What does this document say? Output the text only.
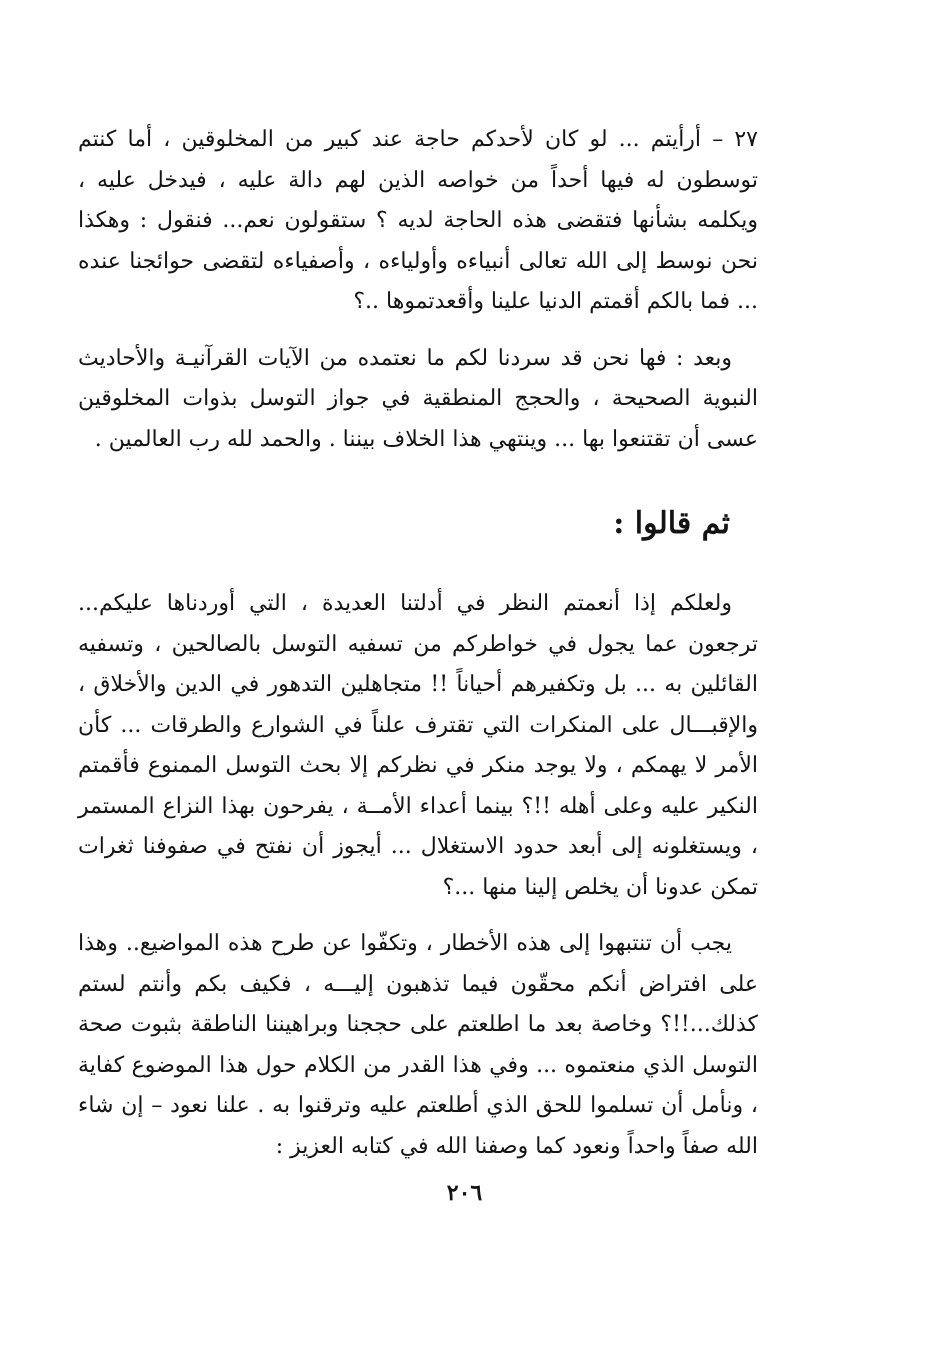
٢٧ – أرأيتم ... لو كان لأحدكم حاجة عند كبير من المخلوقين ، أما كنتم توسطون له فيها أحداً من خواصه الذين لهم دالة عليه ، فيدخل عليه ، ويكلمه بشأنها فتقضى هذه الحاجة لديه ؟ ستقولون نعم... فنقول : وهكذا نحن نوسط إلى الله تعالى أنبياءه وأولياءه ، وأصفياءه لتقضى حوائجنا عنده ... فما بالكم أقمتم الدنيا علينا وأقعدتموها ..؟

وبعد : فها نحن قد سردنا لكم ما نعتمده من الآيات القرآنيـة والأحاديث النبوية الصحيحة ، والحجج المنطقية في جواز التوسل بذوات المخلوقين عسى أن تقتنعوا بها ... وينتهي هذا الخلاف بيننا . والحمد لله رب العالمين .

ثم قالوا :

ولعلكم إذا أنعمتم النظر في أدلتنا العديدة ، التي أوردناها عليكم... ترجعون عما يجول في خواطركم من تسفيه التوسل بالصالحين ، وتسفيه القائلين به ... بل وتكفيرهم أحياناً !! متجاهلين التدهور في الدين والأخلاق ، والإقبـــال على المنكرات التي تقترف علناً في الشوارع والطرقات ... كأن الأمر لا يهمكم ، ولا يوجد منكر في نظركم إلا بحث التوسل الممنوع فأقمتم النكير عليه وعلى أهله !!؟ بينما أعداء الأمــة ، يفرحون بهذا النزاع المستمر ، ويستغلونه إلى أبعد حدود الاستغلال ... أيجوز أن نفتح في صفوفنا ثغرات تمكن عدونا أن يخلص إلينا منها ...؟

يجب أن تنتبهوا إلى هذه الأخطار ، وتكفّوا عن طرح هذه المواضيع.. وهذا على افتراض أنكم محقّون فيما تذهبون إليـــه ، فكيف بكم وأنتم لستم كذلك...!!؟ وخاصة بعد ما اطلعتم على حججنا وبراهيننا الناطقة بثبوت صحة التوسل الذي منعتموه ... وفي هذا القدر من الكلام حول هذا الموضوع كفاية ، ونأمل أن تسلموا للحق الذي أطلعتم عليه وترقنوا به . علنا نعود – إن شاء الله صفاً واحداً ونعود كما وصفنا الله في كتابه العزيز :

٢٠٦
